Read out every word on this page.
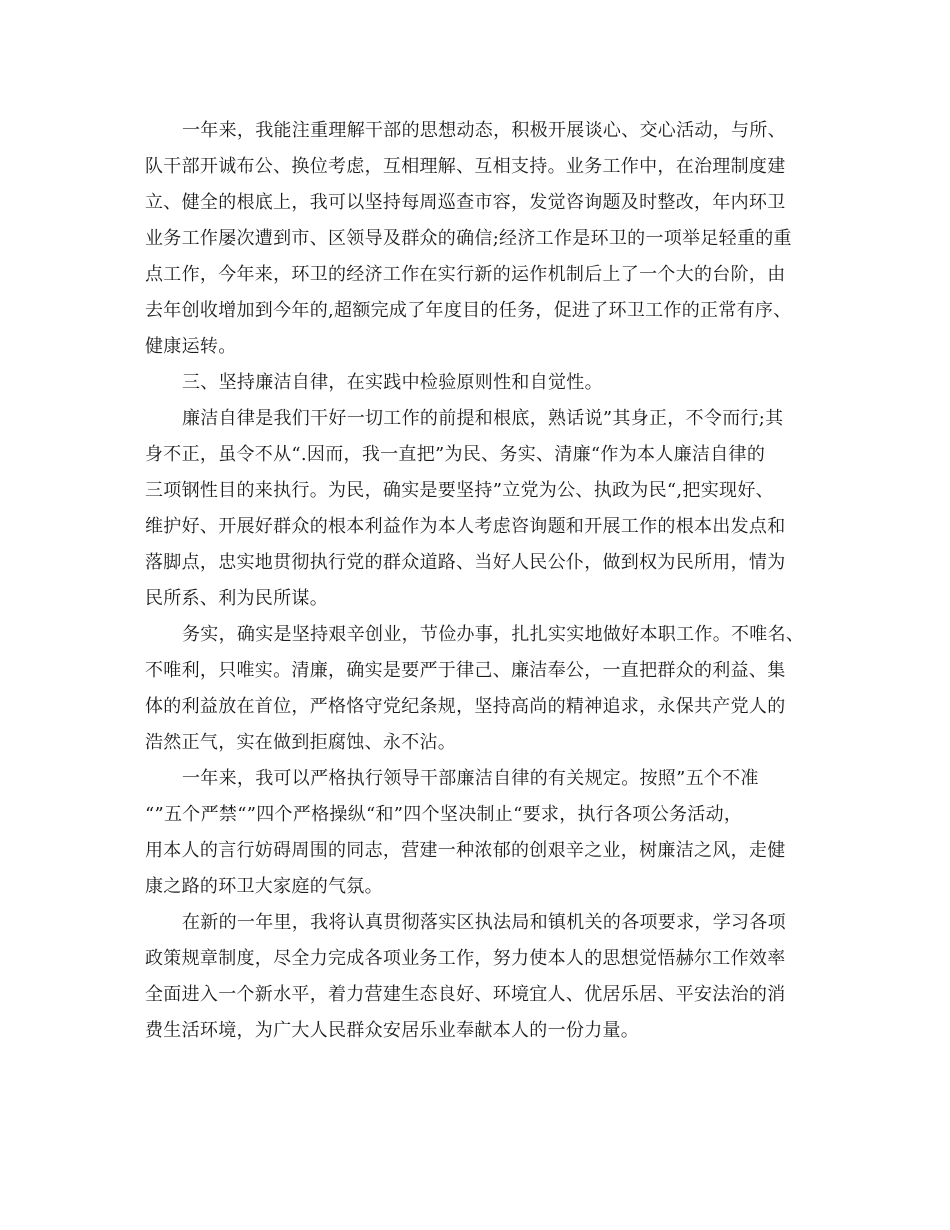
一年来，我能注重理解干部的思想动态，积极开展谈心、交心活动，与所、
队干部开诚布公、换位考虑，互相理解、互相支持。业务工作中，在治理制度建
立、健全的根底上，我可以坚持每周巡查市容，发觉咨询题及时整改，年内环卫
业务工作屡次遭到市、区领导及群众的确信;经济工作是环卫的一项举足轻重的重
点工作，今年来，环卫的经济工作在实行新的运作机制后上了一个大的台阶，由
去年创收增加到今年的,超额完成了年度目的任务，促进了环卫工作的正常有序、
健康运转。
三、坚持廉洁自律，在实践中检验原则性和自觉性。
廉洁自律是我们干好一切工作的前提和根底，熟话说”其身正，不令而行;其
身不正，虽令不从“.因而，我一直把”为民、务实、清廉“作为本人廉洁自律的
三项钢性目的来执行。为民，确实是要坚持”立党为公、执政为民“,把实现好、
维护好、开展好群众的根本利益作为本人考虑咨询题和开展工作的根本出发点和
落脚点，忠实地贯彻执行党的群众道路、当好人民公仆，做到权为民所用，情为
民所系、利为民所谋。
务实，确实是坚持艰辛创业，节俭办事，扎扎实实地做好本职工作。不唯名、
不唯利，只唯实。清廉，确实是要严于律己、廉洁奉公，一直把群众的利益、集
体的利益放在首位，严格恪守党纪条规，坚持高尚的精神追求，永保共产党人的
浩然正气，实在做到拒腐蚀、永不沾。
一年来，我可以严格执行领导干部廉洁自律的有关规定。按照”五个不准
“”五个严禁“”四个严格操纵“和”四个坚决制止“要求，执行各项公务活动，
用本人的言行妨碍周围的同志，营建一种浓郁的创艰辛之业，树廉洁之风，走健
康之路的环卫大家庭的气氛。
在新的一年里，我将认真贯彻落实区执法局和镇机关的各项要求，学习各项
政策规章制度，尽全力完成各项业务工作，努力使本人的思想觉悟赫尔工作效率
全面进入一个新水平，着力营建生态良好、环境宜人、优居乐居、平安法治的消
费生活环境，为广大人民群众安居乐业奉献本人的一份力量。
